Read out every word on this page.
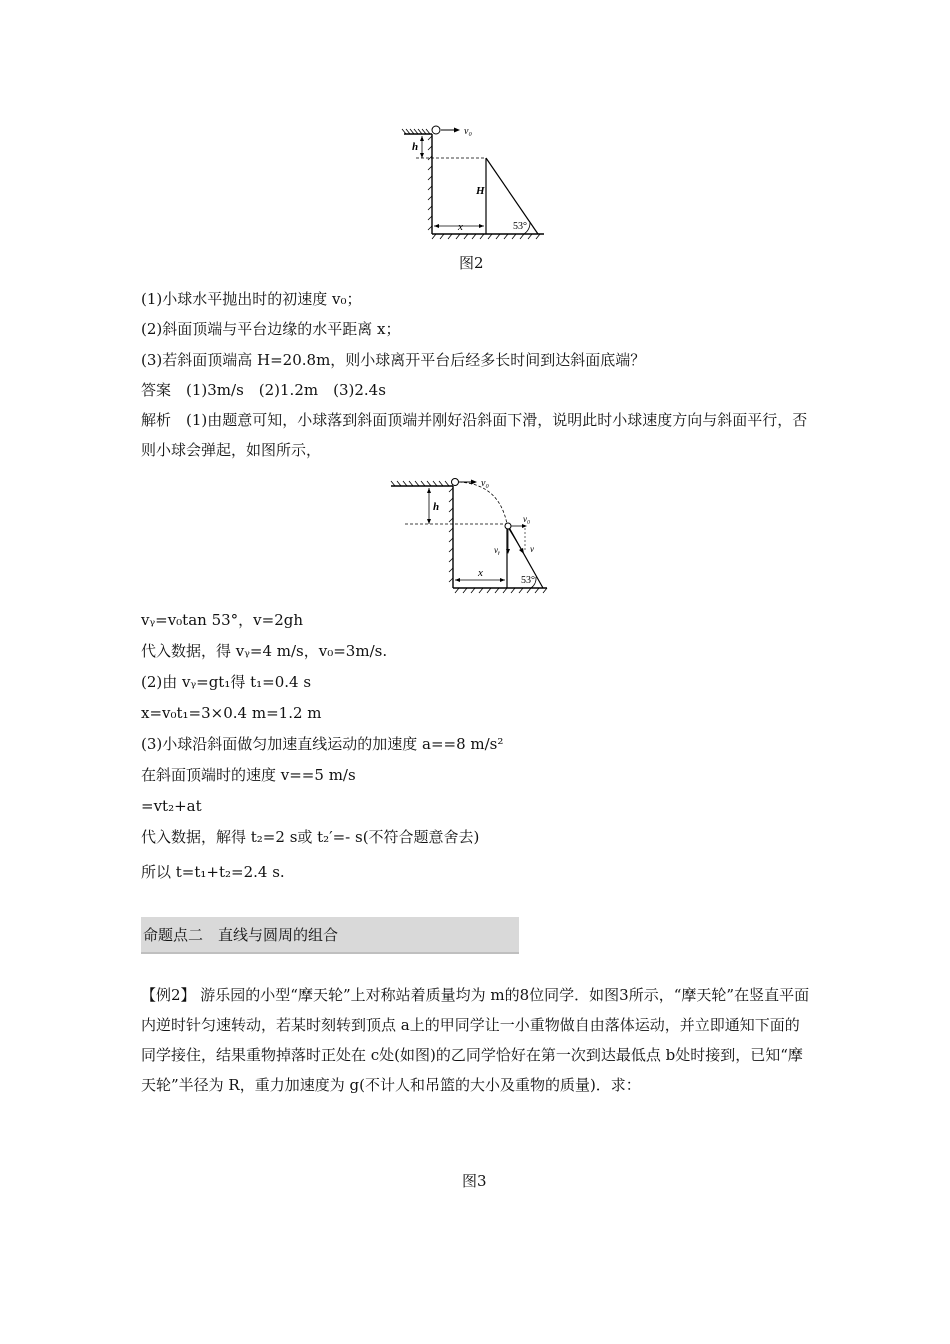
v₀
h
H
x	53°
图2
(1)小球水平抛出时的初速度 v₀；
(2)斜面顶端与平台边缘的水平距离 x；
(3)若斜面顶端高 H=20.8m，则小球离开平台后经多长时间到达斜面底端？
答案　(1)3m/s　(2)1.2m　(3)2.4s
解析　(1)由题意可知，小球落到斜面顶端并刚好沿斜面下滑，说明此时小球速度方向与斜面平行，否则小球会弹起，如图所示，
v₀
h
v₀
vᵧ	v
x
53°
vᵧ=v₀tan 53°，v=2gh
代入数据，得 vᵧ=4 m/s，v₀=3m/s.
(2)由 vᵧ=gt₁得 t₁=0.4 s
x=v₀t₁=3×0.4 m=1.2 m
(3)小球沿斜面做匀加速直线运动的加速度 a==8 m/s²
在斜面顶端时的速度 v==5 m/s
=vt₂+at
代入数据，解得 t₂=2 s或 t₂′=- s(不符合题意舍去)
所以 t=t₁+t₂=2.4 s.
命题点二　直线与圆周的组合
【例2】 游乐园的小型“摩天轮”上对称站着质量均为 m的8位同学．如图3所示，“摩天轮”在竖直平面内逆时针匀速转动，若某时刻转到顶点 a上的甲同学让一小重物做自由落体运动，并立即通知下面的同学接住，结果重物掉落时正处在 c处(如图)的乙同学恰好在第一次到达最低点 b处时接到，已知“摩天轮”半径为 R，重力加速度为 g(不计人和吊篮的大小及重物的质量)．求：
图3
